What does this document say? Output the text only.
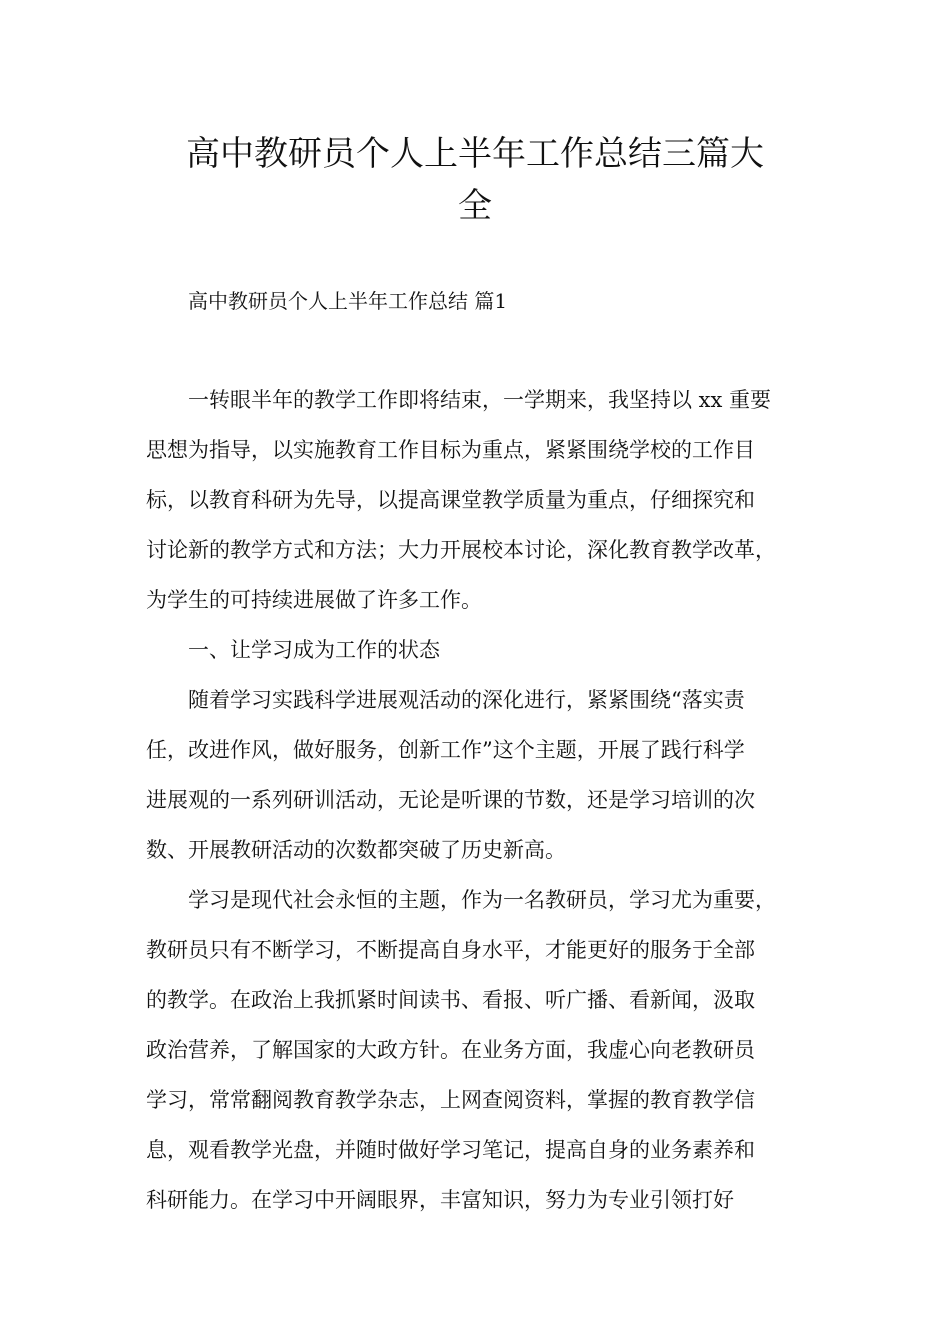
高中教研员个人上半年工作总结三篇大
全

高中教研员个人上半年工作总结 篇1

一转眼半年的教学工作即将结束，一学期来，我坚持以 xx 重要

思想为指导，以实施教育工作目标为重点，紧紧围绕学校的工作目

标，以教育科研为先导，以提高课堂教学质量为重点，仔细探究和

讨论新的教学方式和方法；大力开展校本讨论，深化教育教学改革，

为学生的可持续进展做了许多工作。

一、让学习成为工作的状态

随着学习实践科学进展观活动的深化进行，紧紧围绕“落实责

任，改进作风，做好服务，创新工作”这个主题，开展了践行科学

进展观的一系列研训活动，无论是听课的节数，还是学习培训的次

数、开展教研活动的次数都突破了历史新高。

学习是现代社会永恒的主题，作为一名教研员，学习尤为重要，

教研员只有不断学习，不断提高自身水平，才能更好的服务于全部

的教学。在政治上我抓紧时间读书、看报、听广播、看新闻，汲取

政治营养，了解国家的大政方针。在业务方面，我虚心向老教研员

学习，常常翻阅教育教学杂志，上网查阅资料，掌握的教育教学信

息，观看教学光盘，并随时做好学习笔记，提高自身的业务素养和

科研能力。在学习中开阔眼界，丰富知识，努力为专业引领打好
